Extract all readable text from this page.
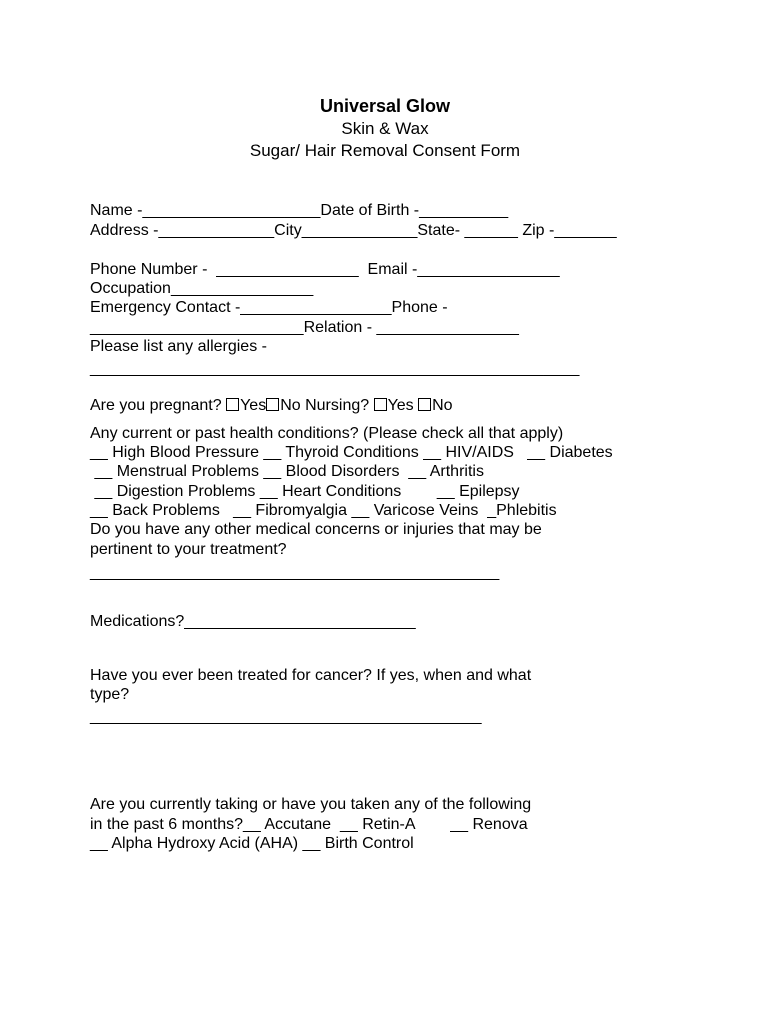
Universal Glow
Skin & Wax
Sugar/ Hair Removal Consent Form
Name -____________________Date of Birth -__________
Address -_____________City_____________State- ______ Zip -_______
Phone Number -  ________________  Email -________________
Occupation________________
Emergency Contact -_________________Phone -
________________________Relation - ________________
Please list any allergies -
_______________________________________________________
Are you pregnant? Yes No Nursing? Yes No
Any current or past health conditions? (Please check all that apply)
__ High Blood Pressure __ Thyroid Conditions __ HIV/AIDS   __ Diabetes
__ Menstrual Problems __ Blood Disorders  __ Arthritis
__ Digestion Problems __ Heart Conditions        __ Epilepsy
__ Back Problems   __ Fibromyalgia __ Varicose Veins  _Phlebitis
Do you have any other medical concerns or injuries that may be
pertinent to your treatment?
______________________________________________
Medications?__________________________
Have you ever been treated for cancer? If yes, when and what
type?
____________________________________________
Are you currently taking or have you taken any of the following
in the past 6 months?__ Accutane  __ Retin-A        __ Renova
__ Alpha Hydroxy Acid (AHA) __ Birth Control
